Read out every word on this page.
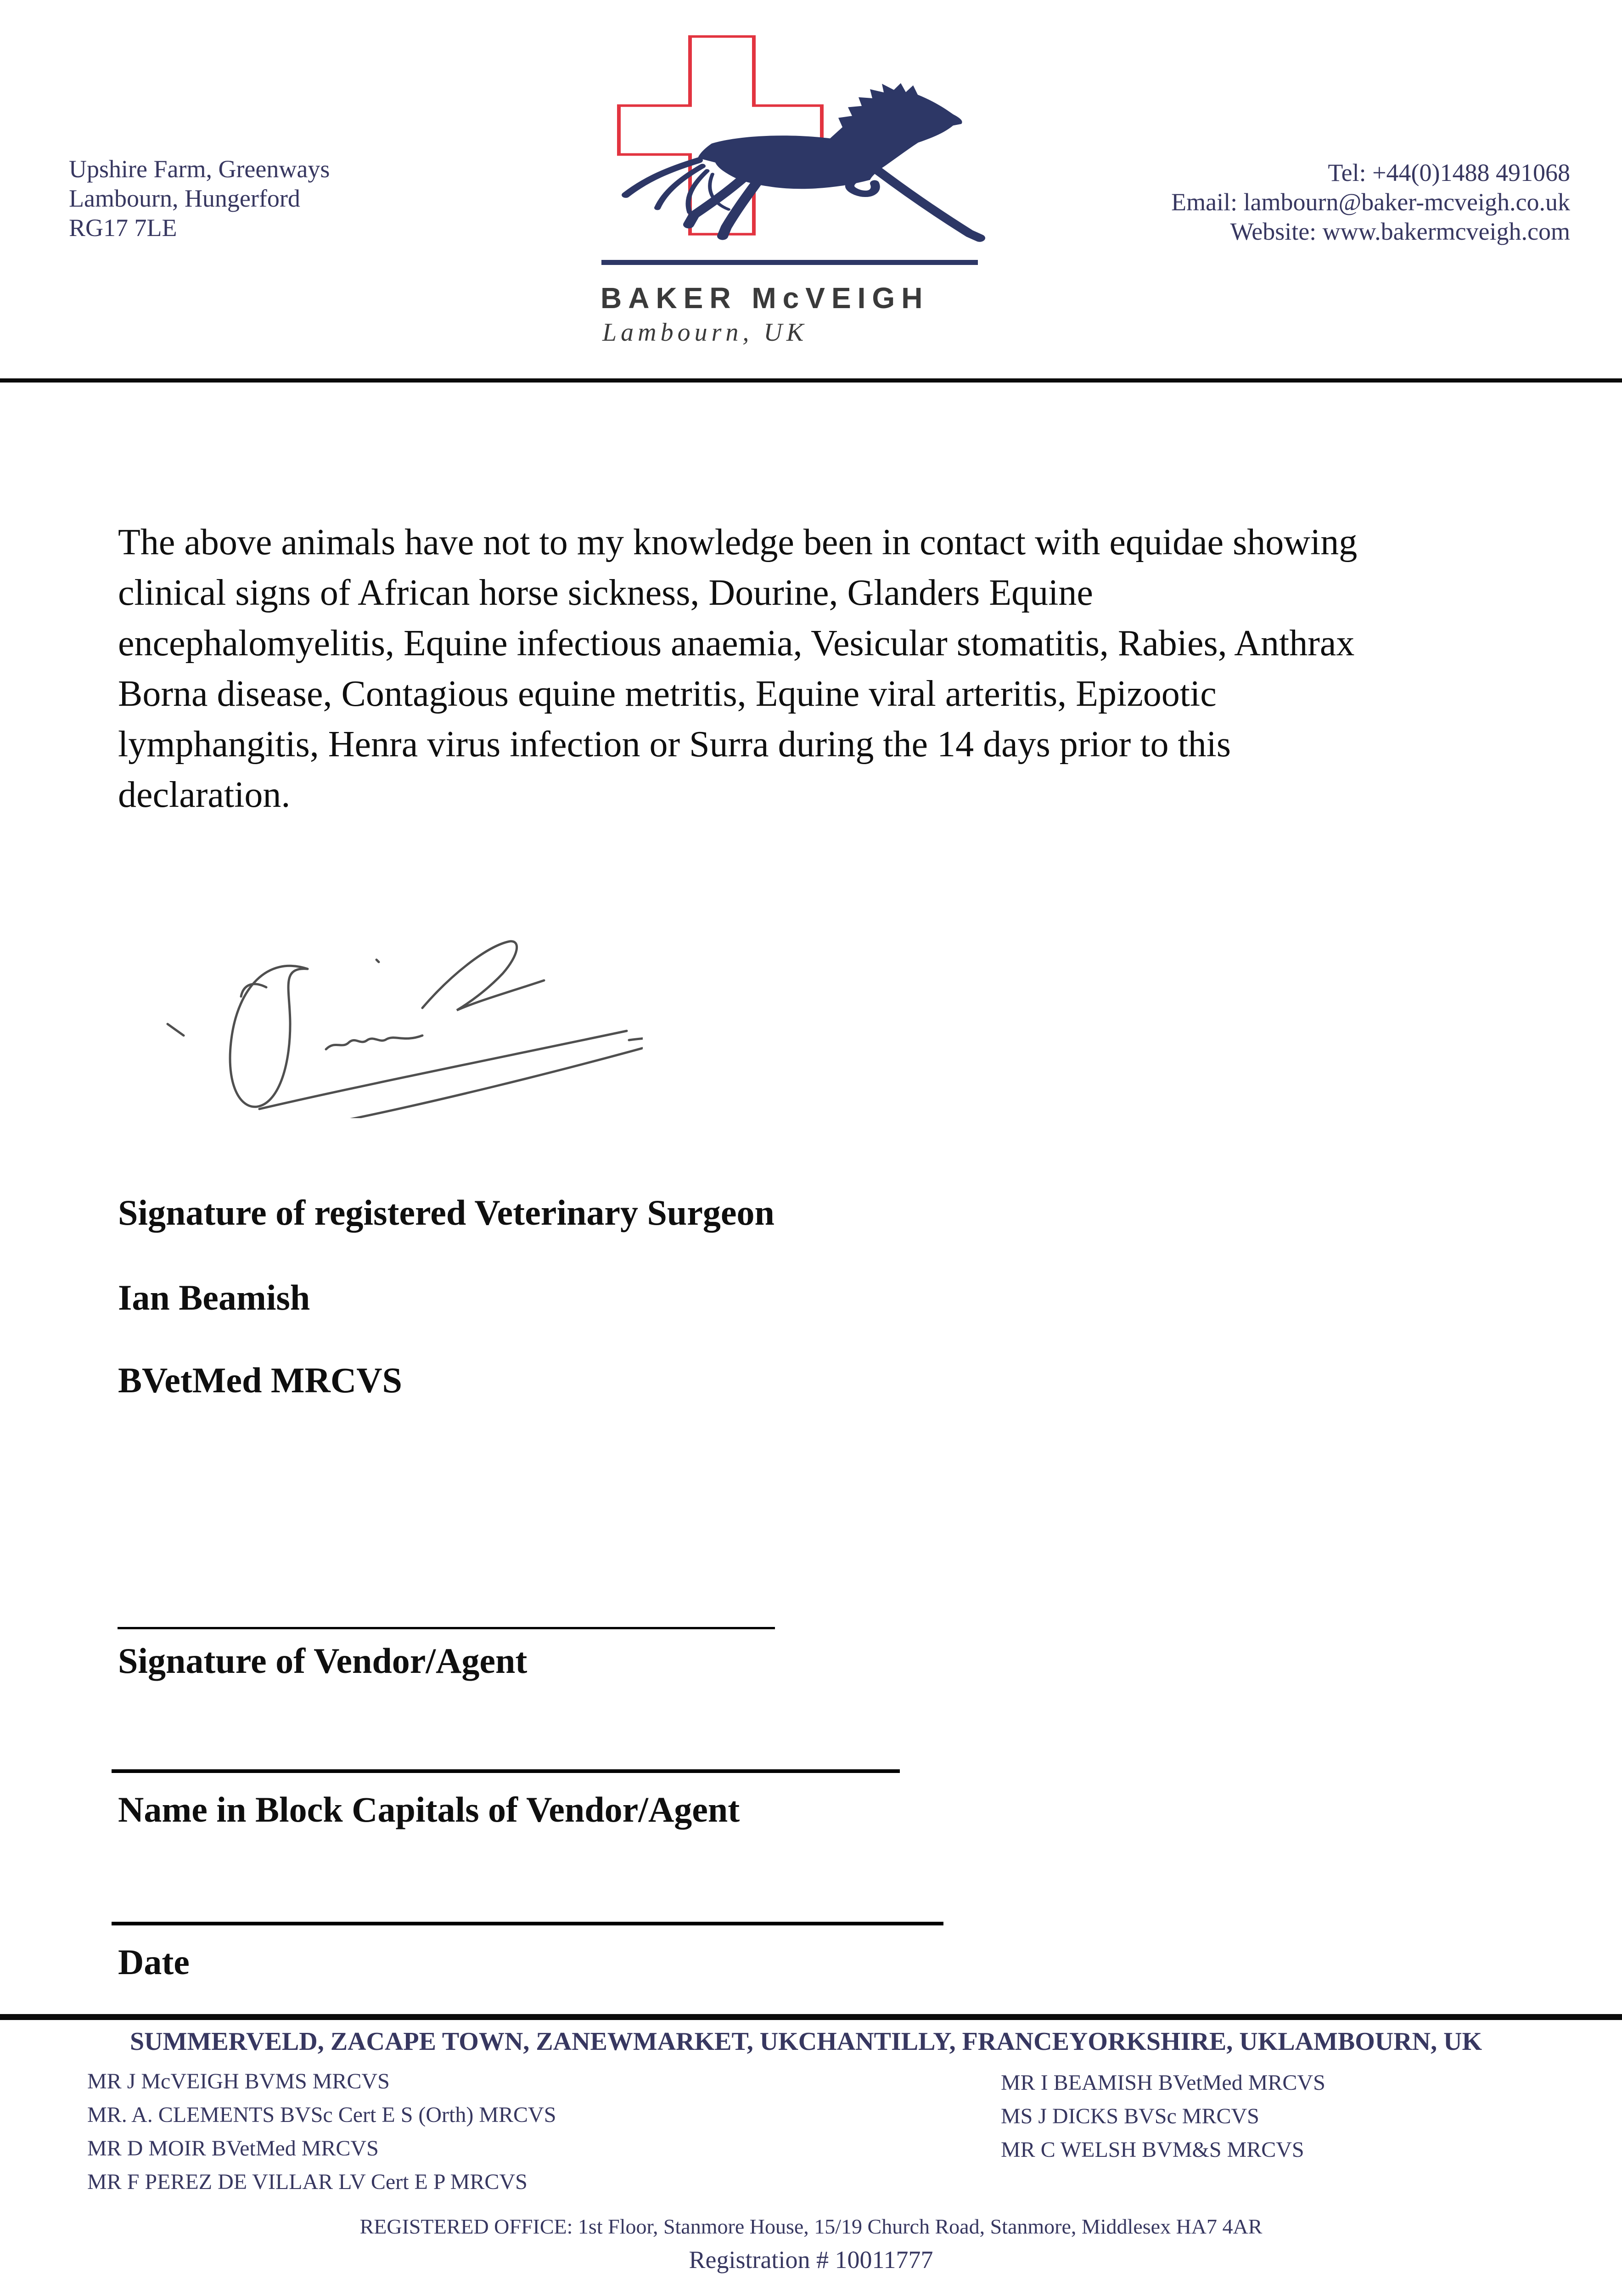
Upshire Farm, Greenways
Lambourn, Hungerford
RG17 7LE
Tel: +44(0)1488 491068
Email: lambourn@baker-mcveigh.co.uk
Website: www.bakermcveigh.com
BAKER McVEIGH
Lambourn, UK
The above animals have not to my knowledge been in contact with equidae showing
clinical signs of African horse sickness, Dourine, Glanders Equine
encephalomyelitis, Equine infectious anaemia, Vesicular stomatitis, Rabies, Anthrax
Borna disease, Contagious equine metritis, Equine viral arteritis, Epizootic
lymphangitis, Henra virus infection or Surra during the 14 days prior to this
declaration.
Signature of registered Veterinary Surgeon
Ian Beamish
BVetMed MRCVS
Signature of Vendor/Agent
Name in Block Capitals of Vendor/Agent
Date
SUMMERVELD, ZA CAPE TOWN, ZA NEWMARKET, UK CHANTILLY, FRANCE YORKSHIRE, UK LAMBOURN, UK
MR J McVEIGH BVMS MRCVS
MR. A. CLEMENTS BVSc Cert E S (Orth) MRCVS
MR D MOIR BVetMed MRCVS
MR F PEREZ DE VILLAR LV Cert E P MRCVS
MR I BEAMISH BVetMed MRCVS
MS J DICKS BVSc MRCVS
MR C WELSH BVM&S MRCVS
REGISTERED OFFICE: 1st Floor, Stanmore House, 15/19 Church Road, Stanmore, Middlesex HA7 4AR
Registration # 10011777
